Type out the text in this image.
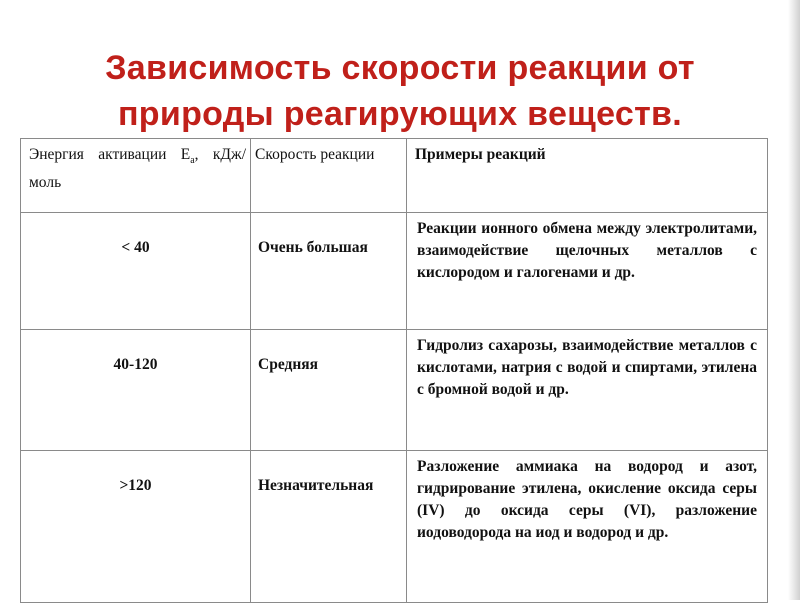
Зависимость скорости реакции от
природы реагирующих веществ.
Энергия активации $Е_а$, кДж/моль	Скорость реакции	Примеры реакций
< 40	Очень большая	Реакции ионного обмена между электролитами, взаимодействие щелочных металлов с кислородом и галогенами и др.
40-120	Средняя	Гидролиз сахарозы, взаимодействие металлов с кислотами, натрия с водой и спиртами, этилена с бромной водой и др.
>120	Незначительная	Разложение аммиака на водород и азот, гидрирование этилена, окисление оксида серы (IV) до оксида серы (VI), разложение иодоводорода на иод и водород и др.
